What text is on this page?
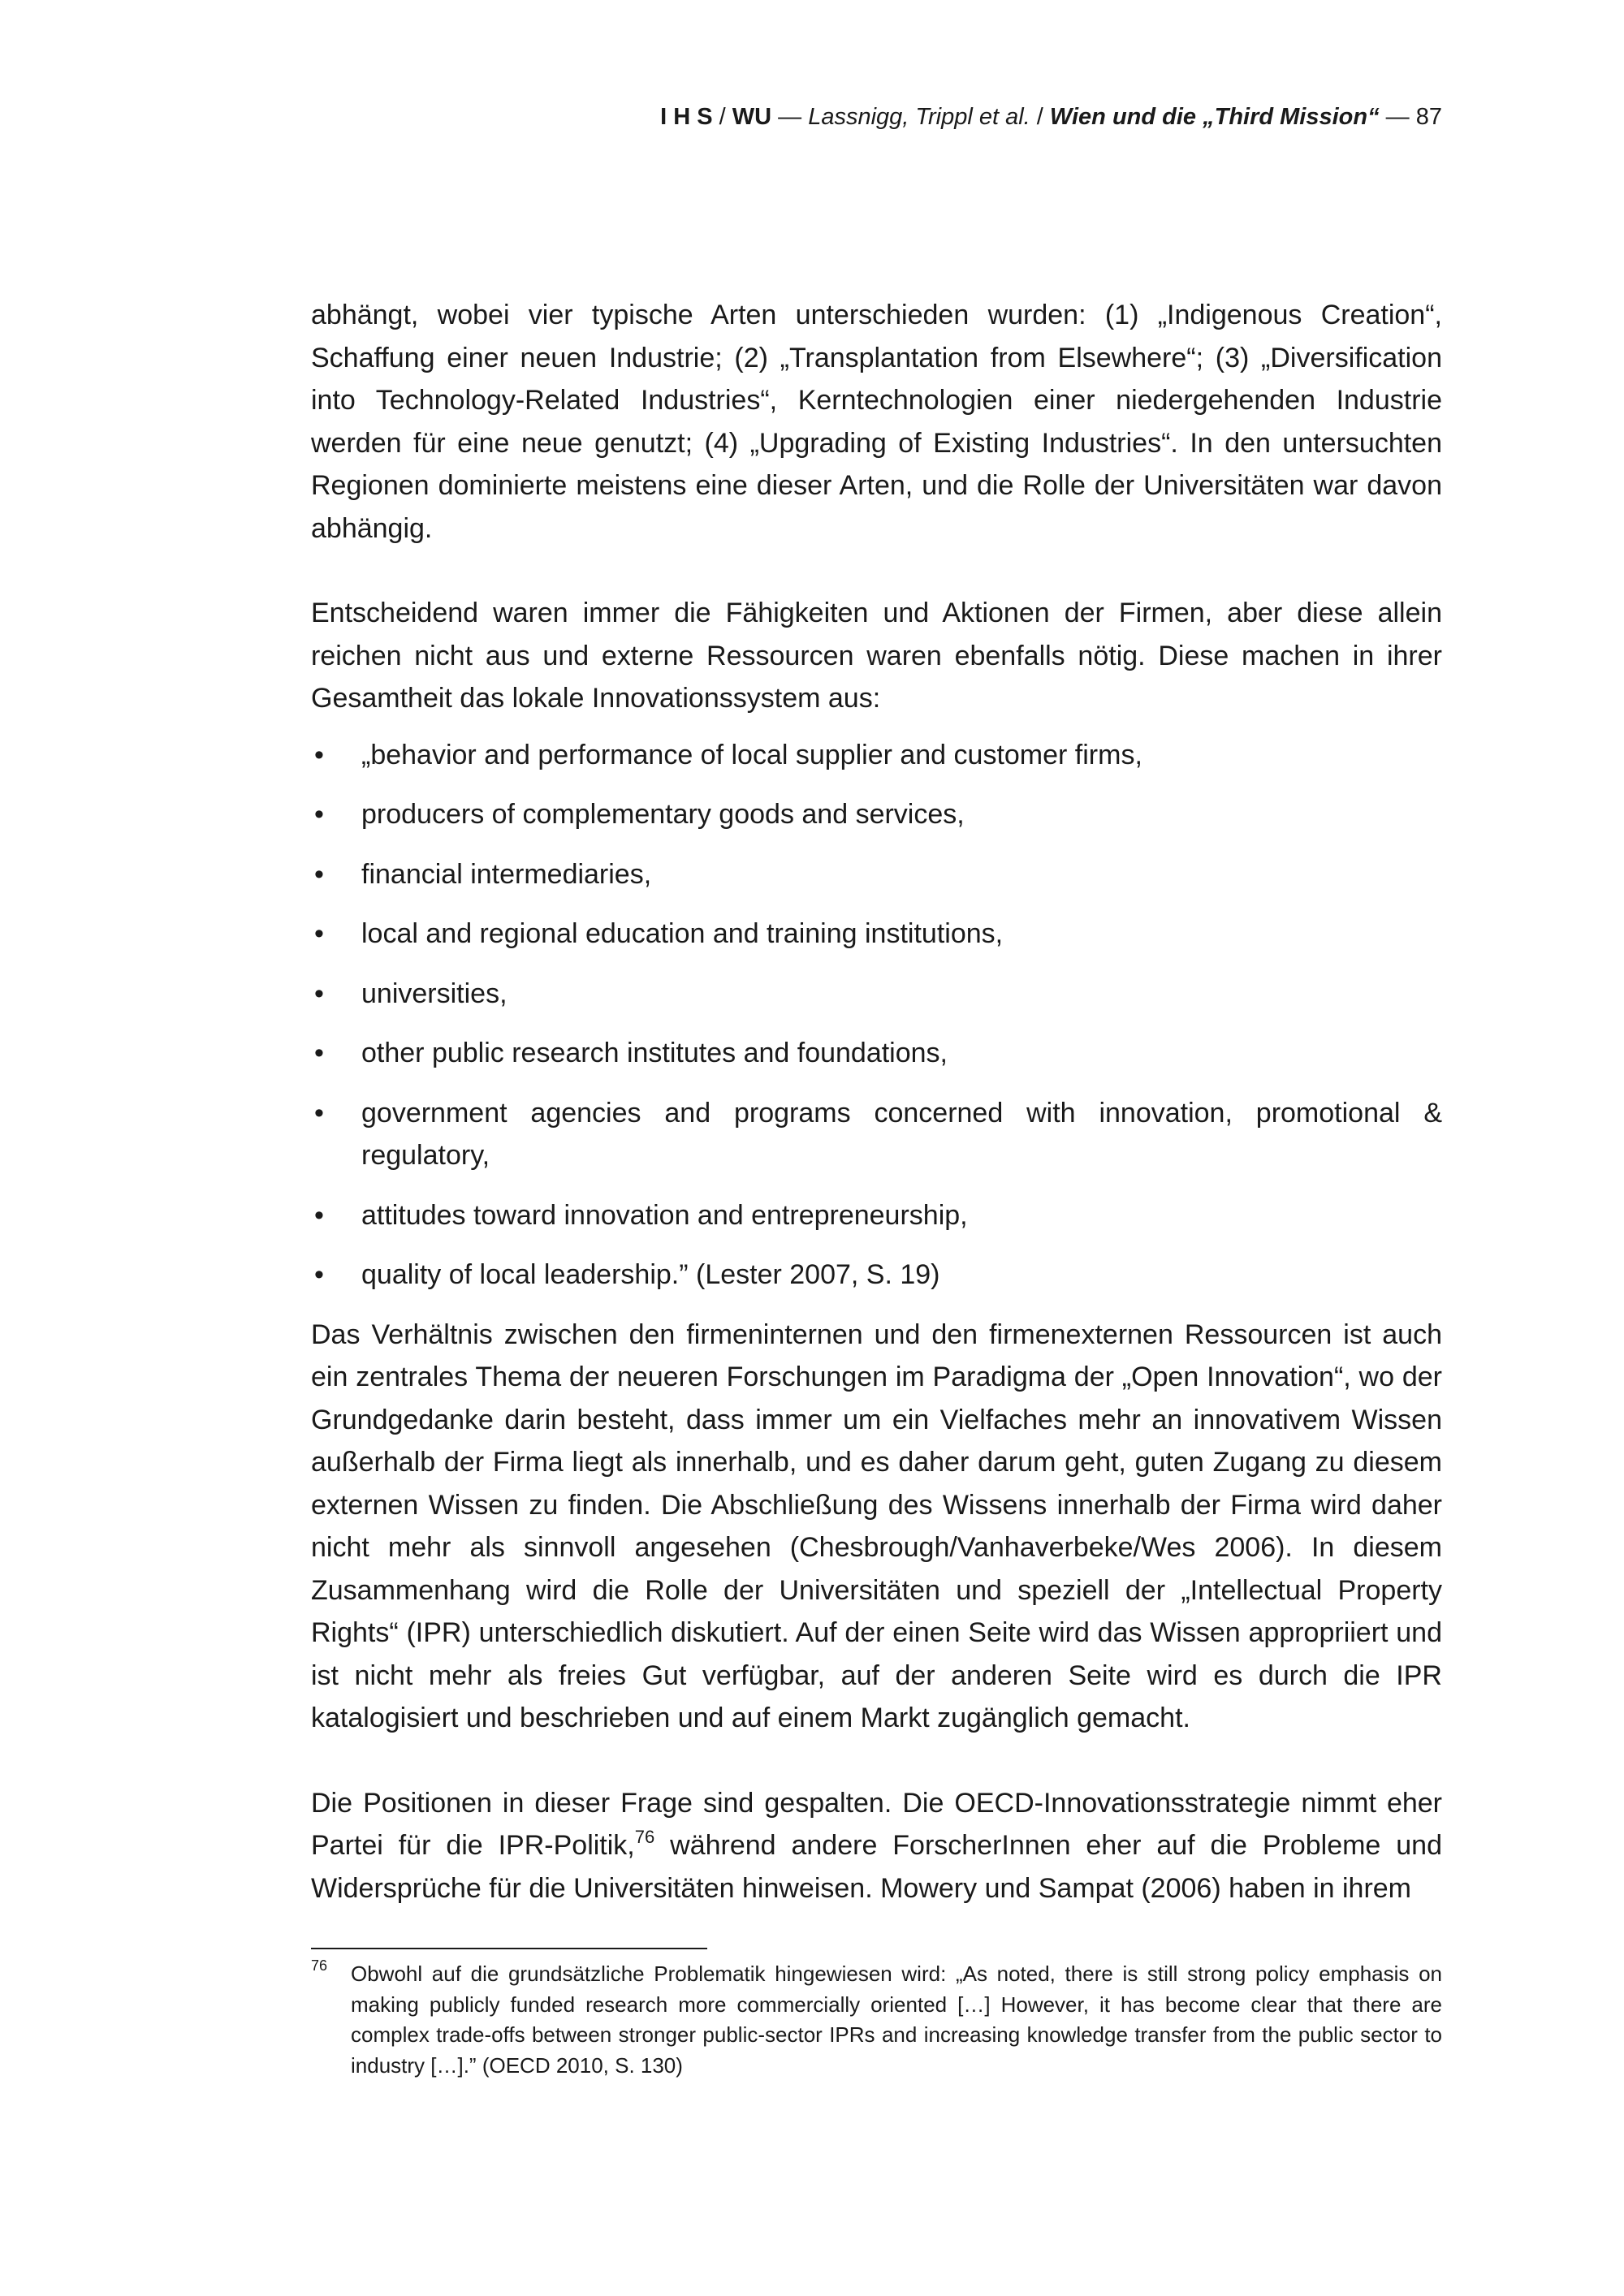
I H S / WU — Lassnigg, Trippl et al. / Wien und die „Third Mission“ — 87

abhängt, wobei vier typische Arten unterschieden wurden: (1) „Indigenous Creation“, Schaffung einer neuen Industrie; (2) „Transplantation from Elsewhere“; (3) „Diversification into Technology-Related Industries“, Kerntechnologien einer niedergehenden Industrie werden für eine neue genutzt; (4) „Upgrading of Existing Industries“. In den untersuchten Regionen dominierte meistens eine dieser Arten, und die Rolle der Universitäten war davon abhängig.

Entscheidend waren immer die Fähigkeiten und Aktionen der Firmen, aber diese allein reichen nicht aus und externe Ressourcen waren ebenfalls nötig. Diese machen in ihrer Gesamtheit das lokale Innovationssystem aus:

• „behavior and performance of local supplier and customer firms,
• producers of complementary goods and services,
• financial intermediaries,
• local and regional education and training institutions,
• universities,
• other public research institutes and foundations,
• government agencies and programs concerned with innovation, promotional & regulatory,
• attitudes toward innovation and entrepreneurship,
• quality of local leadership.” (Lester 2007, S. 19)

Das Verhältnis zwischen den firmeninternen und den firmenexternen Ressourcen ist auch ein zentrales Thema der neueren Forschungen im Paradigma der „Open Innovation“, wo der Grundgedanke darin besteht, dass immer um ein Vielfaches mehr an innovativem Wissen außerhalb der Firma liegt als innerhalb, und es daher darum geht, guten Zugang zu diesem externen Wissen zu finden. Die Abschließung des Wissens innerhalb der Firma wird daher nicht mehr als sinnvoll angesehen (Chesbrough/Vanhaverbeke/Wes 2006). In diesem Zusammenhang wird die Rolle der Universitäten und speziell der „Intellectual Property Rights“ (IPR) unterschiedlich diskutiert. Auf der einen Seite wird das Wissen appropriiert und ist nicht mehr als freies Gut verfügbar, auf der anderen Seite wird es durch die IPR katalogisiert und beschrieben und auf einem Markt zugänglich gemacht.

Die Positionen in dieser Frage sind gespalten. Die OECD-Innovationsstrategie nimmt eher Partei für die IPR-Politik,$^{76}$ während andere ForscherInnen eher auf die Probleme und Widersprüche für die Universitäten hinweisen. Mowery und Sampat (2006) haben in ihrem

76 Obwohl auf die grundsätzliche Problematik hingewiesen wird: „As noted, there is still strong policy emphasis on making publicly funded research more commercially oriented […] However, it has become clear that there are complex trade-offs between stronger public-sector IPRs and increasing knowledge transfer from the public sector to industry […].” (OECD 2010, S. 130)
